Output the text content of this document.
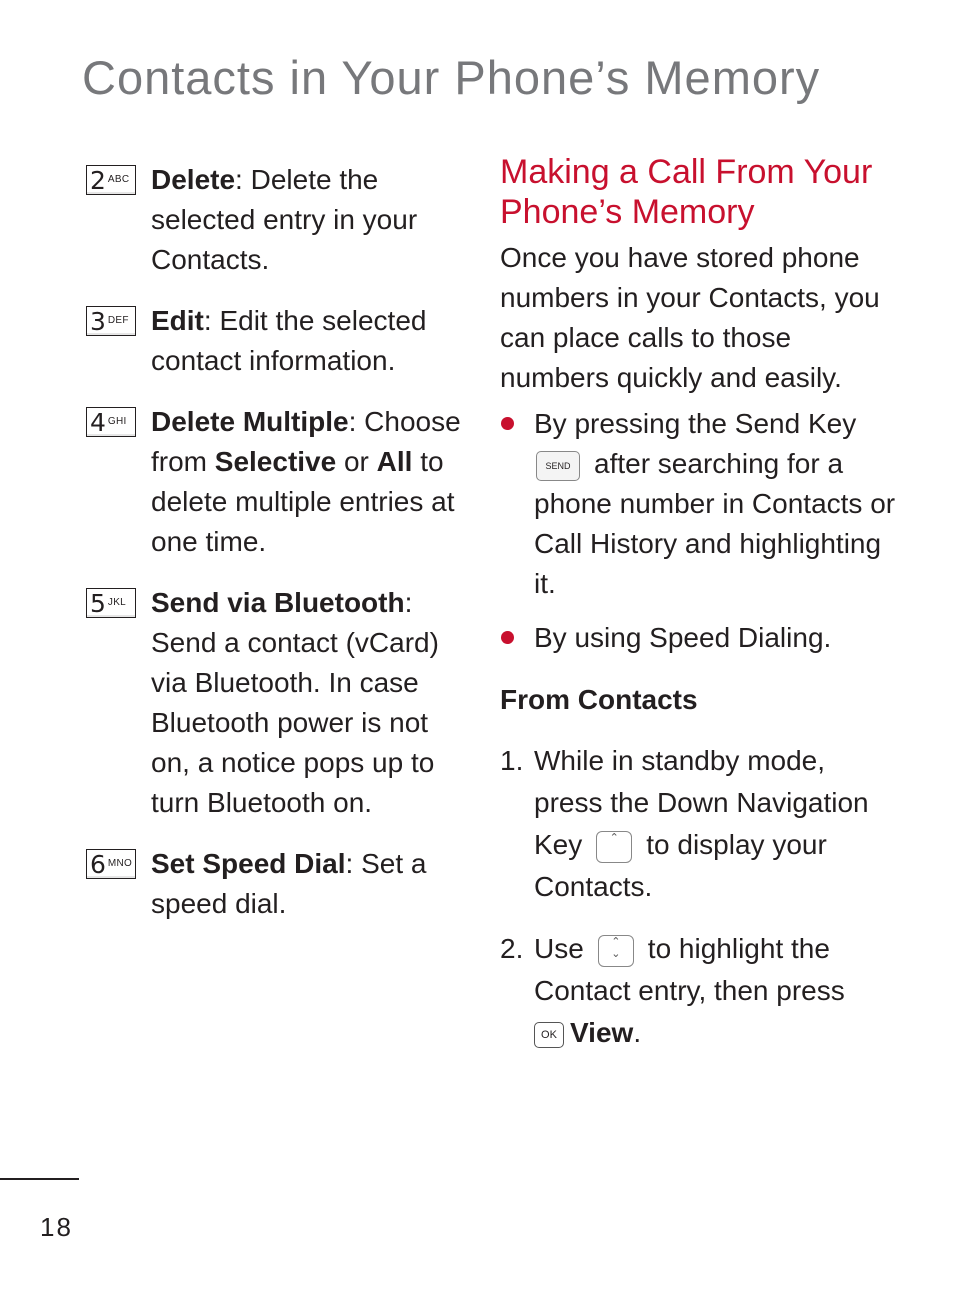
Contacts in Your Phone’s Memory
2 ABC Delete: Delete the selected entry in your Contacts.
3 DEF Edit: Edit the selected contact information.
4 GHI Delete Multiple: Choose from Selective or All to delete multiple entries at one time.
5 JKL Send via Bluetooth: Send a contact (vCard) via Bluetooth. In case Bluetooth power is not on, a notice pops up to turn Bluetooth on.
6 MNO Set Speed Dial: Set a speed dial.
Making a Call From Your Phone’s Memory
Once you have stored phone numbers in your Contacts, you can place calls to those numbers quickly and easily.
By pressing the Send Key
SEND after searching for a phone number in Contacts or Call History and highlighting it.
By using Speed Dialing.
From Contacts
1. While in standby mode, press the Down Navigation Key ⌃ to display your Contacts.
2. Use ⌃
⌄ to highlight the Contact entry, then press
OK View.
18
